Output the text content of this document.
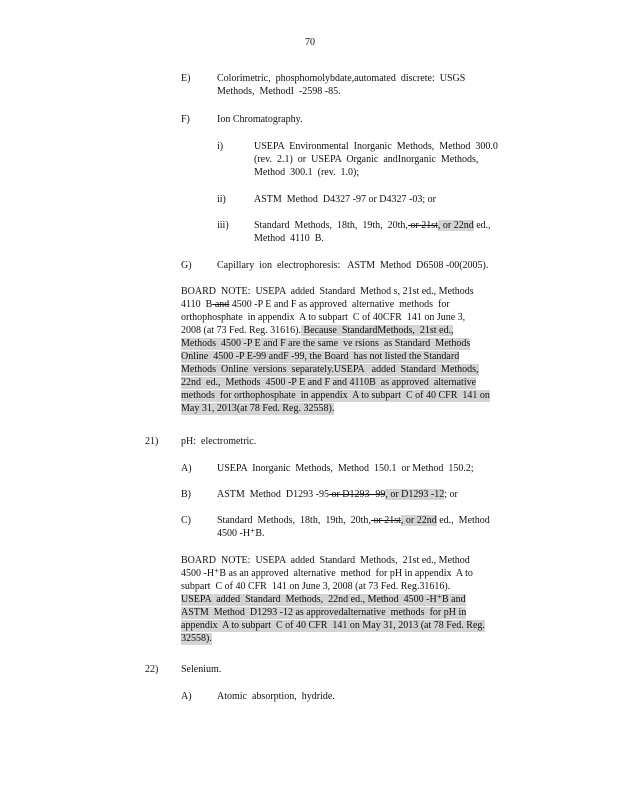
70
E)	Colorimetric,  phosphomolybdate,automated  discrete:  USGS
Methods,  MethodI  -2598 -85.
F)	Ion Chromatography.
i)	USEPA  Environmental  Inorganic  Methods,  Method  300.0
(rev.  2.1)  or  USEPA  Organic  andInorganic  Methods,
Method  300.1  (rev.  1.0);
ii)	ASTM  Method  D4327 -97 or D4327 -03; or
iii)	Standard  Methods,  18th,  19th,  20th, or 21st, or 22nd ed.,
Method  4110  B.
G)	Capillary  ion  electrophoresis:   ASTM  Method  D6508 -00(2005).
BOARD  NOTE:  USEPA  added  Standard  Method s, 21st ed., Methods
4110  B and 4500 -P E and F as approved  alternative  methods  for
orthophosphate  in appendix  A to subpart  C of 40CFR  141 on June 3,
2008 (at 73 Fed. Reg. 31616). Because  StandardMethods,  21st ed.,
Methods  4500 -P E and F are the same  ve rsions  as Standard  Methods
Online  4500 -P E-99 andF -99, the Board  has not listed the Standard
Methods  Online  versions  separately.USEPA   added  Standard  Methods,
22nd  ed.,  Methods  4500 -P E and F and 4110B  as approved  alternative
methods  for orthophosphate  in appendix  A to subpart  C of 40 CFR  141 on
May 31, 2013(at 78 Fed. Reg. 32558).
21) pH:  electrometric.
A)	USEPA  Inorganic  Methods,  Method  150.1  or Method  150.2;
B)	ASTM  Method  D1293 -95 or D1293 -99, or D1293 -12; or
C)	Standard  Methods,  18th,  19th,  20th, or 21st, or 22nd ed.,  Method
4500 -H⁺B.
BOARD  NOTE:  USEPA  added  Standard  Methods,  21st ed., Method
4500 -H⁺B as an approved  alternative  method  for pH in appendix  A to
subpart  C of 40 CFR  141 on June 3, 2008 (at 73 Fed. Reg.31616).
USEPA  added  Standard  Methods,  22nd ed., Method  4500 -H⁺B and
ASTM  Method  D1293 -12 as approvedalternative  methods  for pH in
appendix  A to subpart  C of 40 CFR  141 on May 31, 2013 (at 78 Fed. Reg.
32558).
22) Selenium.
A)	Atomic  absorption,  hydride.
